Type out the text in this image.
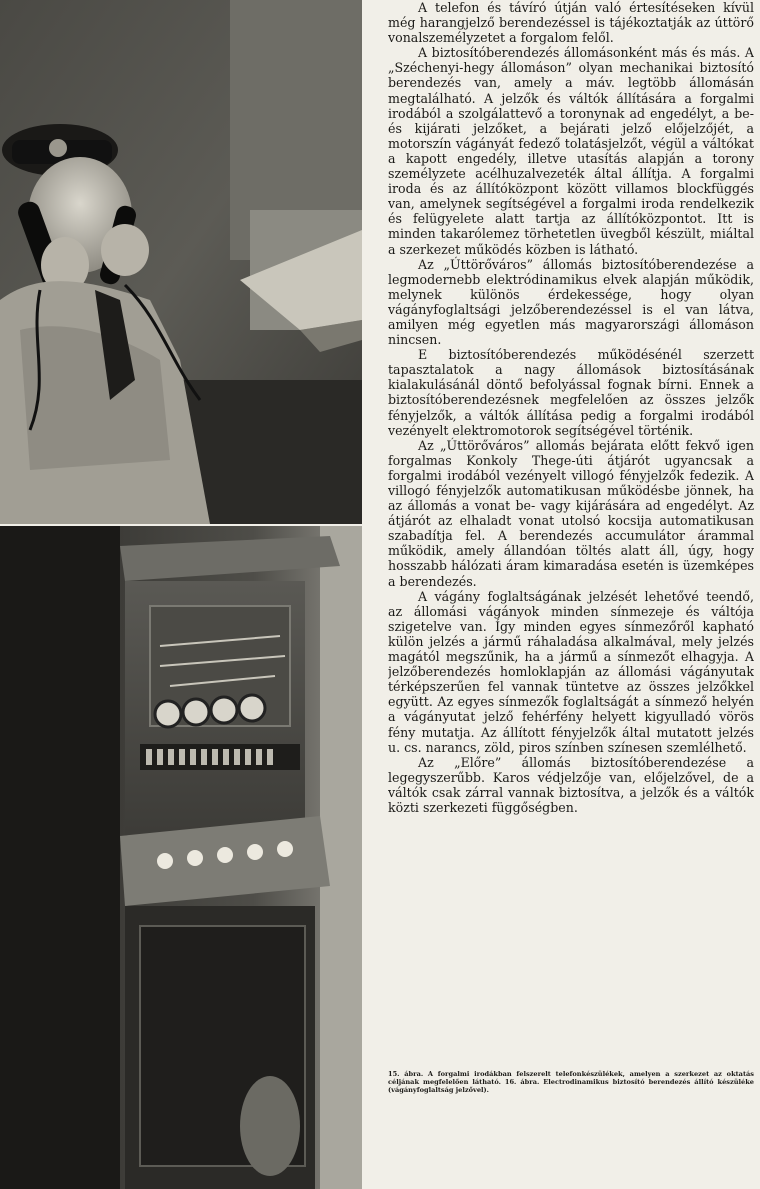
A telefon és távíró útján való értesítéseken kívül még harangjelző berendezéssel is tájékoztatják az úttörő vonalszemélyzetet a forgalom felől.

A biztosítóberendezés állomásonként más és más. A „Széchenyi-hegy állomáson” olyan mechanikai biztosító berendezés van, amely a máv. legtöbb állomásán megtalálható. A jelzők és váltók állítására a forgalmi irodából a szolgálattevő a toronynak ad engedélyt, a be- és kijárati jelzőket, a bejárati jelző előjelzőjét, a motorszín vágányát fedező tolatásjelzőt, végül a váltókat a kapott engedély, illetve utasítás alapján a torony személyzete acélhuzalvezeték által állítja. A forgalmi iroda és az állítóközpont között villamos blockfüggés van, amelynek segítségével a forgalmi iroda rendelkezik és felügyelete alatt tartja az állítóközpontot. Itt is minden takarólemez törhetetlen üvegből készült, miáltal a szerkezet működés közben is látható.

Az „Úttörőváros” állomás biztosítóberendezése a legmodernebb elektródinamikus elvek alapján működik, melynek különös érdekessége, hogy olyan vágányfoglaltsági jelzőberendezéssel is el van látva, amilyen még egyetlen más magyarországi állomáson nincsen.

E biztosítóberendezés működésénél szerzett tapasztalatok a nagy állomások biztosításának kialakulásánál döntő befolyással fognak bírni. Ennek a biztosítóberendezésnek megfelelően az összes jelzők fényjelzők, a váltók állítása pedig a forgalmi irodából vezényelt elektromotorok segítségével történik.

Az „Úttörőváros” allomás bejárata előtt fekvő igen forgalmas Konkoly Thege-úti átjárót ugyancsak a forgalmi irodából vezényelt villogó fényjelzők fedezik. A villogó fényjelzők automatikusan működésbe jönnek, ha az állomás a vonat be- vagy kijárására ad engedélyt. Az átjárót az elhaladt vonat utolsó kocsija automatikusan szabadítja fel. A berendezés accumulátor árammal működik, amely állandóan töltés alatt áll, úgy, hogy hosszabb hálózati áram kimaradása esetén is üzemképes a berendezés.

A vágány foglaltságának jelzését lehetővé teendő, az állomási vágányok minden sínmezeje és váltója szigetelve van. Így minden egyes sínmezőről kapható külön jelzés a jármű ráhaladása alkalmával, mely jelzés magától megszűnik, ha a jármű a sínmezőt elhagyja. A jelzőberendezés homloklapján az állomási vágányutak térképszerűen fel vannak tüntetve az összes jelzőkkel együtt. Az egyes sínmezők foglaltságát a sínmező helyén a vágányutat jelző fehérfény helyett kigyulladó vörös fény mutatja. Az állított fényjelzők által mutatott jelzés u. cs. narancs, zöld, piros színben színesen szemlélhető.

Az „Előre” állomás biztosítóberendezése a legegyszerűbb. Karos védjelzője van, előjelzővel, de a váltók csak zárral vannak biztosítva, a jelzők és a váltók közti szerkezeti függőségben.

15. ábra. A forgalmi irodákban felszerelt telefonkészülékek, amelyen a szerkezet az oktatás céljának megfelelően látható. 16. ábra. Electrodinamikus biztosító berendezés állító készüléke (vágányfoglaltság jelzővel).
